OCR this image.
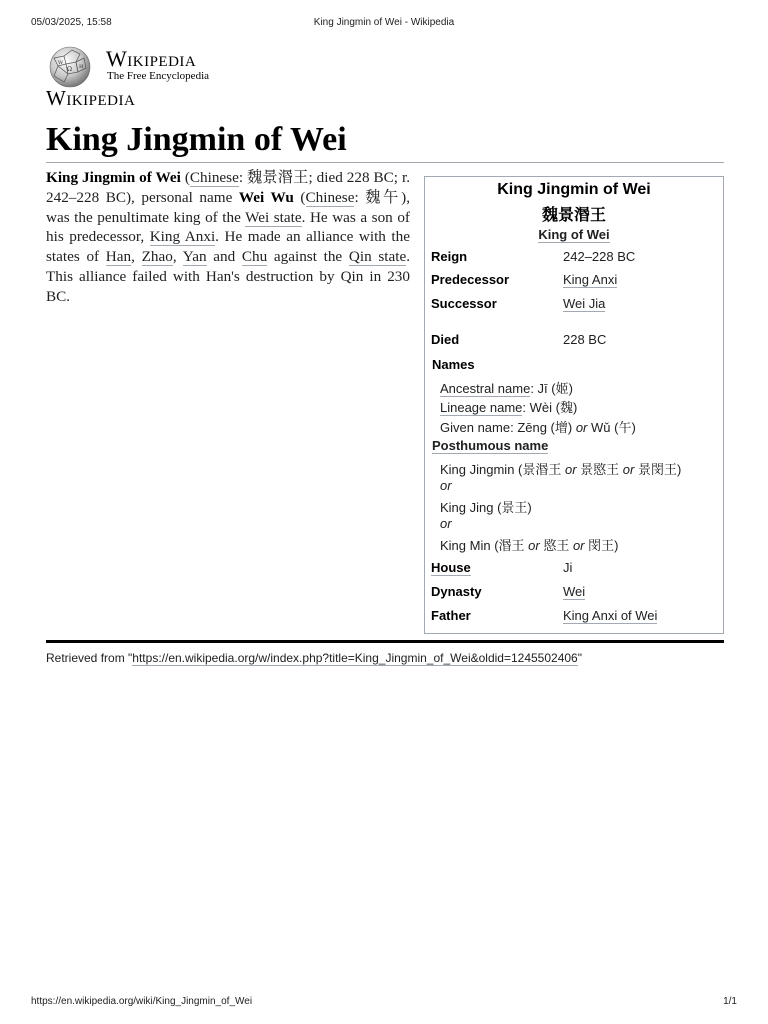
05/03/2025, 15:58	King Jingmin of Wei - Wikipedia
Ω И
W Wikipedia
The Free Encyclopedia
Wikipedia
King Jingmin of Wei

King Jingmin of Wei (Chinese: 魏景湣王; died 228 BC; r. 242–228 BC), personal name Wei Wu (Chinese: 魏午), was the penultimate king of the Wei state. He was a son of his predecessor, King Anxi. He made an alliance with the states of Han, Zhao, Yan and Chu against the Qin state. This alliance failed with Han's destruction by Qin in 230 BC.

King Jingmin of Wei
魏景湣王
King of Wei
Reign	242–228 BC
Predecessor	King Anxi
Successor	Wei Jia
Died	228 BC
Names
Ancestral name: Jī (姬)
Lineage name: Wèi (魏)
Given name: Zēng (增) or Wǔ (午)
Posthumous name
King Jingmin (景湣王 or 景愍王 or 景閔王)
or
King Jing (景王)
or
King Min (湣王 or 愍王 or 閔王)
House	Ji
Dynasty	Wei
Father	King Anxi of Wei
Retrieved from "https://en.wikipedia.org/w/index.php?title=King_Jingmin_of_Wei&oldid=1245502406"
https://en.wikipedia.org/wiki/King_Jingmin_of_Wei	1/1
